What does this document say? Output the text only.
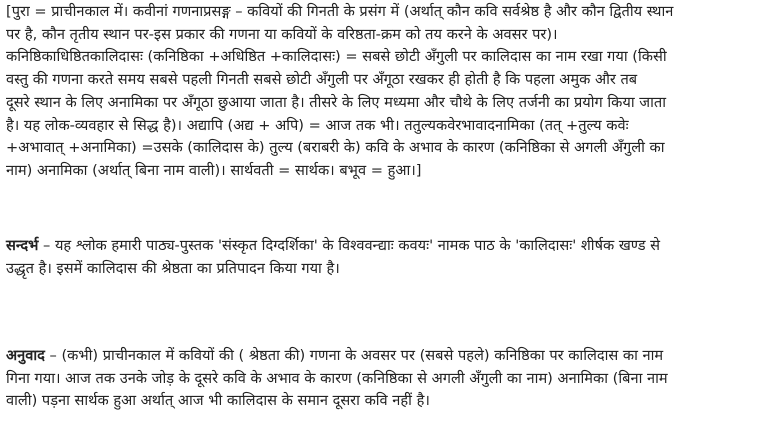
[पुरा = प्राचीनकाल में। कवीनां गणनाप्रसङ्ग – कवियों की गिनती के प्रसंग में (अर्थात् कौन कवि सर्वश्रेष्ठ है और कौन द्वितीय स्थान
पर है, कौन तृतीय स्थान पर-इस प्रकार की गणना या कवियों के वरिष्ठता-क्रम को तय करने के अवसर पर)।
कनिष्ठिकाधिष्ठितकालिदासः (कनिष्ठिका +अधिष्ठित +कालिदासः) = सबसे छोटी अँगुली पर कालिदास का नाम रखा गया (किसी
वस्तु की गणना करते समय सबसे पहली गिनती सबसे छोटी अँगुली पर अँगूठा रखकर ही होती है कि पहला अमुक और तब
दूसरे स्थान के लिए अनामिका पर अँगूठा छुआया जाता है। तीसरे के लिए मध्यमा और चौथे के लिए तर्जनी का प्रयोग किया जाता
है। यह लोक-व्यवहार से सिद्ध है)। अद्यापि (अद्य + अपि) = आज तक भी। ततुल्यकवेरभावादनामिका (तत् +तुल्य कवेः
+अभावात् +अनामिका) =उसके (कालिदास के) तुल्य (बराबरी के) कवि के अभाव के कारण (कनिष्ठिका से अगली अँगुली का
नाम) अनामिका (अर्थात् बिना नाम वाली)। सार्थवती = सार्थक। बभूव = हुआ।]

सन्दर्भ – यह श्लोक हमारी पाठ्य-पुस्तक 'संस्कृत दिग्दर्शिका' के विश्ववन्द्याः कवयः' नामक पाठ के 'कालिदासः' शीर्षक खण्ड से
उद्धृत है। इसमें कालिदास की श्रेष्ठता का प्रतिपादन किया गया है।

अनुवाद – (कभी) प्राचीनकाल में कवियों की ( श्रेष्ठता की) गणना के अवसर पर (सबसे पहले) कनिष्ठिका पर कालिदास का नाम
गिना गया। आज तक उनके जोड़ के दूसरे कवि के अभाव के कारण (कनिष्ठिका से अगली अँगुली का नाम) अनामिका (बिना नाम
वाली) पड़ना सार्थक हुआ अर्थात् आज भी कालिदास के समान दूसरा कवि नहीं है।
